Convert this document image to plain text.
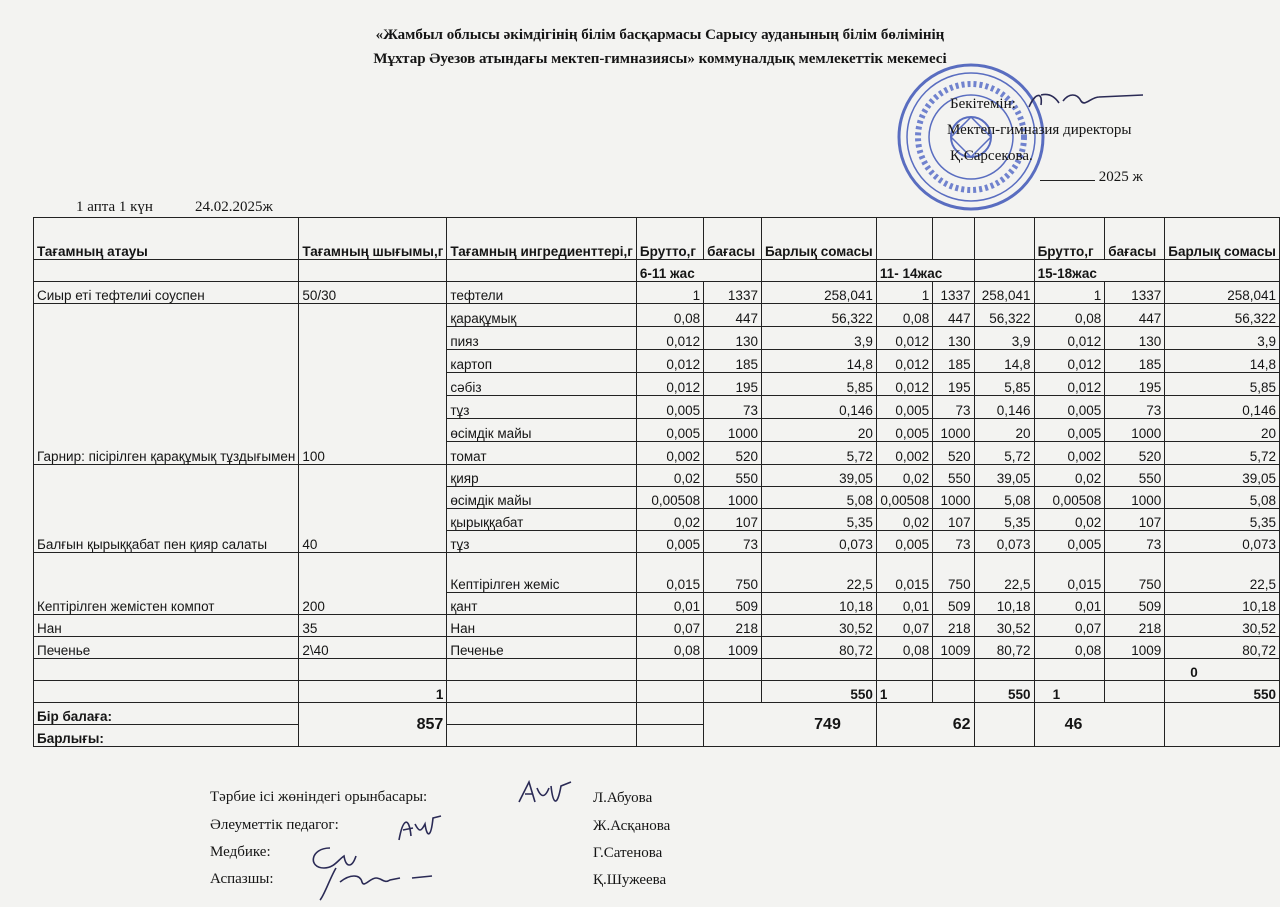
«Жамбыл облысы әкімдігінің білім басқармасы Сарысу ауданының білім бөлімінің
Мұхтар Әуезов атындағы мектеп-гимназиясы» коммуналдық мемлекеттік мекемесі
Бекітемін:
Мектеп-гимназия директоры
Қ.Сарсекова.
2025 ж
1 апта 1 күн	24.02.2025ж
Тағамның атауы	Тағамның шығымы,г	Тағамның ингредиенттері,г	Брутто,г	бағасы	Барлық сомасы				Брутто,г	бағасы	Барлық сомасы
			6-11 жас			11- 14жас			15-18жас		
Сиыр еті тефтелиі соуспен	50/30	тефтели	1	1337	258,041	1	1337	258,041	1	1337	258,041
Гарнир: пісірілген қарақұмық тұздығымен	100	қарақұмық	0,08	447	56,322	0,08	447	56,322	0,08	447	56,322
		пияз	0,012	130	3,9	0,012	130	3,9	0,012	130	3,9
		картоп	0,012	185	14,8	0,012	185	14,8	0,012	185	14,8
		сәбіз	0,012	195	5,85	0,012	195	5,85	0,012	195	5,85
		тұз	0,005	73	0,146	0,005	73	0,146	0,005	73	0,146
		өсімдік майы	0,005	1000	20	0,005	1000	20	0,005	1000	20
		томат	0,002	520	5,72	0,002	520	5,72	0,002	520	5,72
Балғын қырыққабат пен қияр салаты	40	қияр	0,02	550	39,05	0,02	550	39,05	0,02	550	39,05
		өсімдік майы	0,00508	1000	5,08	0,00508	1000	5,08	0,00508	1000	5,08
		қырыққабат	0,02	107	5,35	0,02	107	5,35	0,02	107	5,35
		тұз	0,005	73	0,073	0,005	73	0,073	0,005	73	0,073
Кептірілген жемістен компот	200	Кептірілген жеміс	0,015	750	22,5	0,015	750	22,5	0,015	750	22,5
		қант	0,01	509	10,18	0,01	509	10,18	0,01	509	10,18
Нан	35	Нан	0,07	218	30,52	0,07	218	30,52	0,07	218	30,52
Печенье	2\40	Печенье	0,08	1009	80,72	0,08	1009	80,72	0,08	1009	80,72
											0
	1				550	1		550	1		550
Бір балаға:	857			749		62			46		
Барлығы:											
Тәрбие ісі жөніндегі орынбасары:	Л.Абуова
Әлеуметтік педагог:	Ж.Асқанова
Медбике:	Г.Сатенова
Аспазшы:	Қ.Шужеева
